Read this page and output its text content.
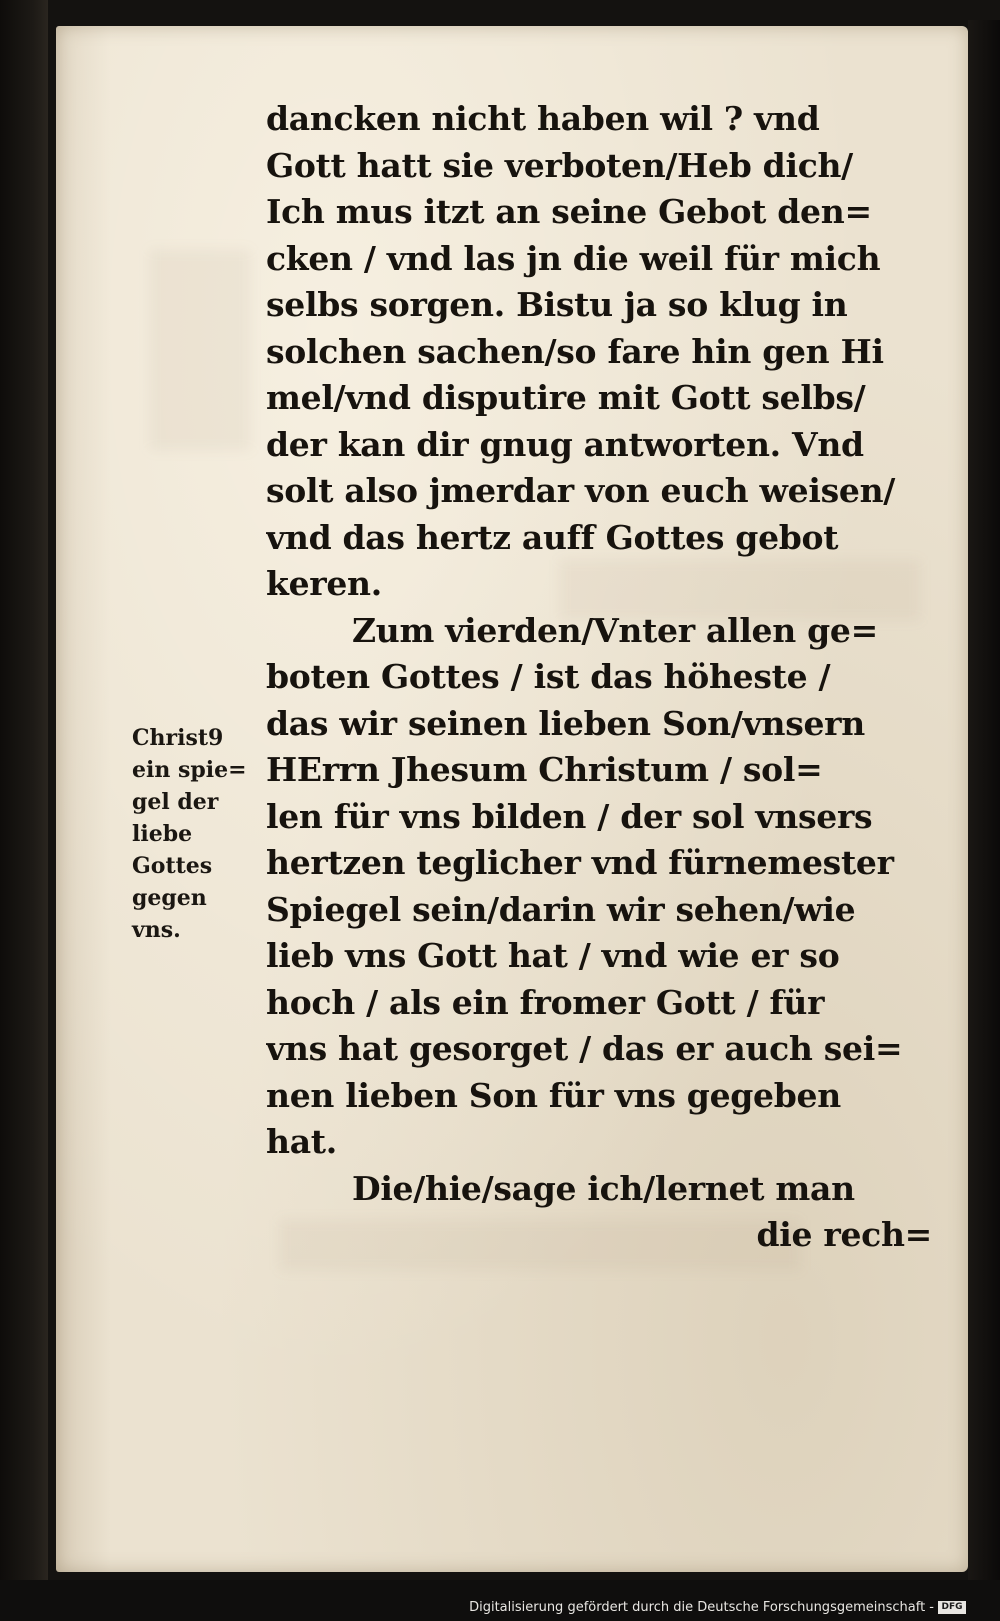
dancken nicht haben wil ? vnd
Gott hatt sie verboten/Heb dich/
Ich mus itzt an seine Gebot den=
cken / vnd las jn die weil für mich
selbs sorgen. Bistu ja so klug in
solchen sachen/so fare hin gen Hi
mel/vnd disputire mit Gott selbs/
der kan dir gnug antworten. Vnd
solt also jmerdar von euch weisen/
vnd das hertz auff Gottes gebot
keren.
Zum vierden/Vnter allen ge=
boten Gottes / ist das höheste /
das wir seinen lieben Son/vnsern
HErrn Jhesum Christum / sol=
len für vns bilden / der sol vnsers
hertzen teglicher vnd fürnemester
Spiegel sein/darin wir sehen/wie
lieb vns Gott hat / vnd wie er so
hoch / als ein fromer Gott / für
vns hat gesorget / das er auch sei=
nen lieben Son für vns gegeben
hat.
Die/hie/sage ich/lernet man
die rech=
Christ9
ein spie=
gel der
liebe
Gottes
gegen
vns.
Digitalisierung gefördert durch die Deutsche Forschungsgemeinschaft - DFG
